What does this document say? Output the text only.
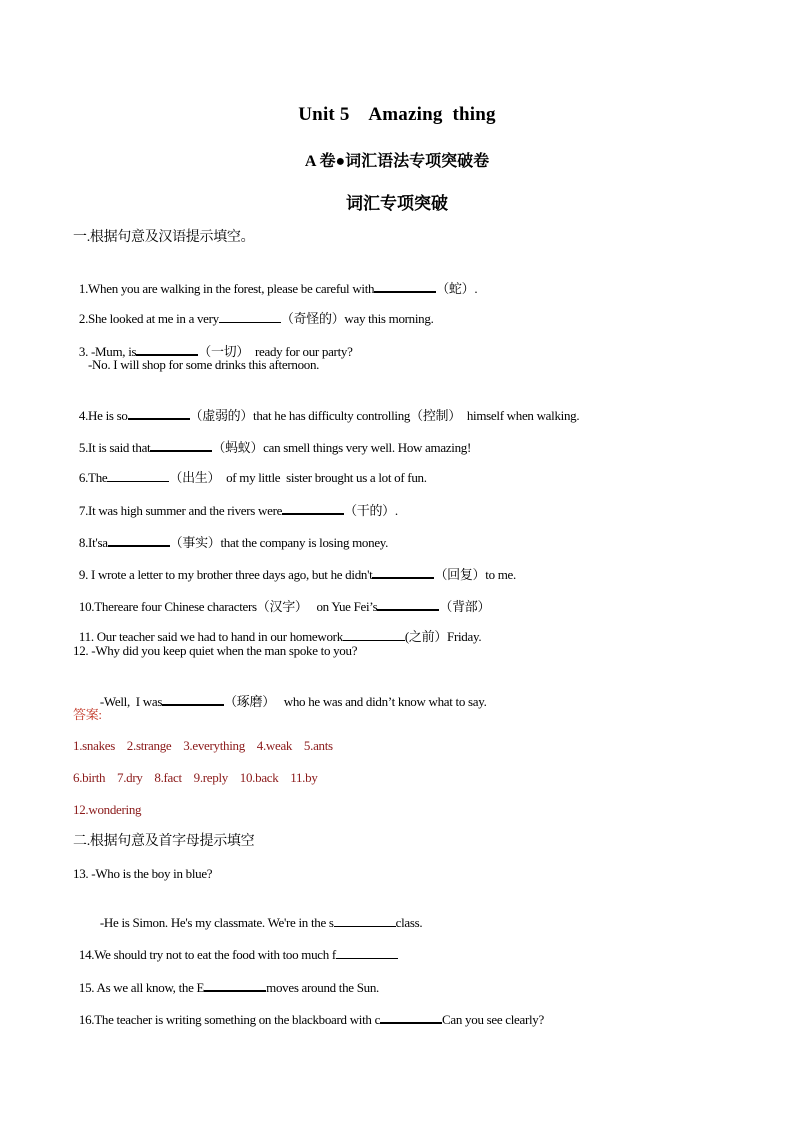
Unit 5    Amazing  thing
A 卷●词汇语法专项突破卷
词汇专项突破
一.根据句意及汉语提示填空。

1.When you are walking in the forest, please be careful with	（蛇）.

2.She looked at me in a very	（奇怪的）way this morning.

3. -Mum, is	（一切）  ready for our party?

-No. I will shop for some drinks this afternoon.

4.He is so	（虚弱的）that he has difficulty controlling（控制）  himself when walking.

5.It is said that	（蚂蚁）can smell things very well. How amazing!

6.The	（出生）  of my little  sister brought us a lot of fun.

7.It was high summer and the rivers were	（干的）.

8.It'sa	（事实）that the company is losing money.

9. I wrote a letter to my brother three days ago, but he didn't	（回复）to me.

10.Thereare four Chinese characters（汉字）   on Yue Fei’s	（背部）

11. Our teacher said we had to hand in our homework	(之前）Friday.

12. -Why did you keep quiet when the man spoke to you?

-Well,  I was	（琢磨）   who he was and didn’t know what to say.

答案:
1.snakes    2.strange    3.everything    4.weak    5.ants
6.birth    7.dry    8.fact    9.reply    10.back    11.by
12.wondering
二.根据句意及首字母提示填空
13. -Who is the boy in blue?

-He is Simon. He's my classmate. We're in the s	class.

14.We should try not to eat the food with too much f

15. As we all know, the E	moves around the Sun.

16.The teacher is writing something on the blackboard with c	Can you see clearly?
